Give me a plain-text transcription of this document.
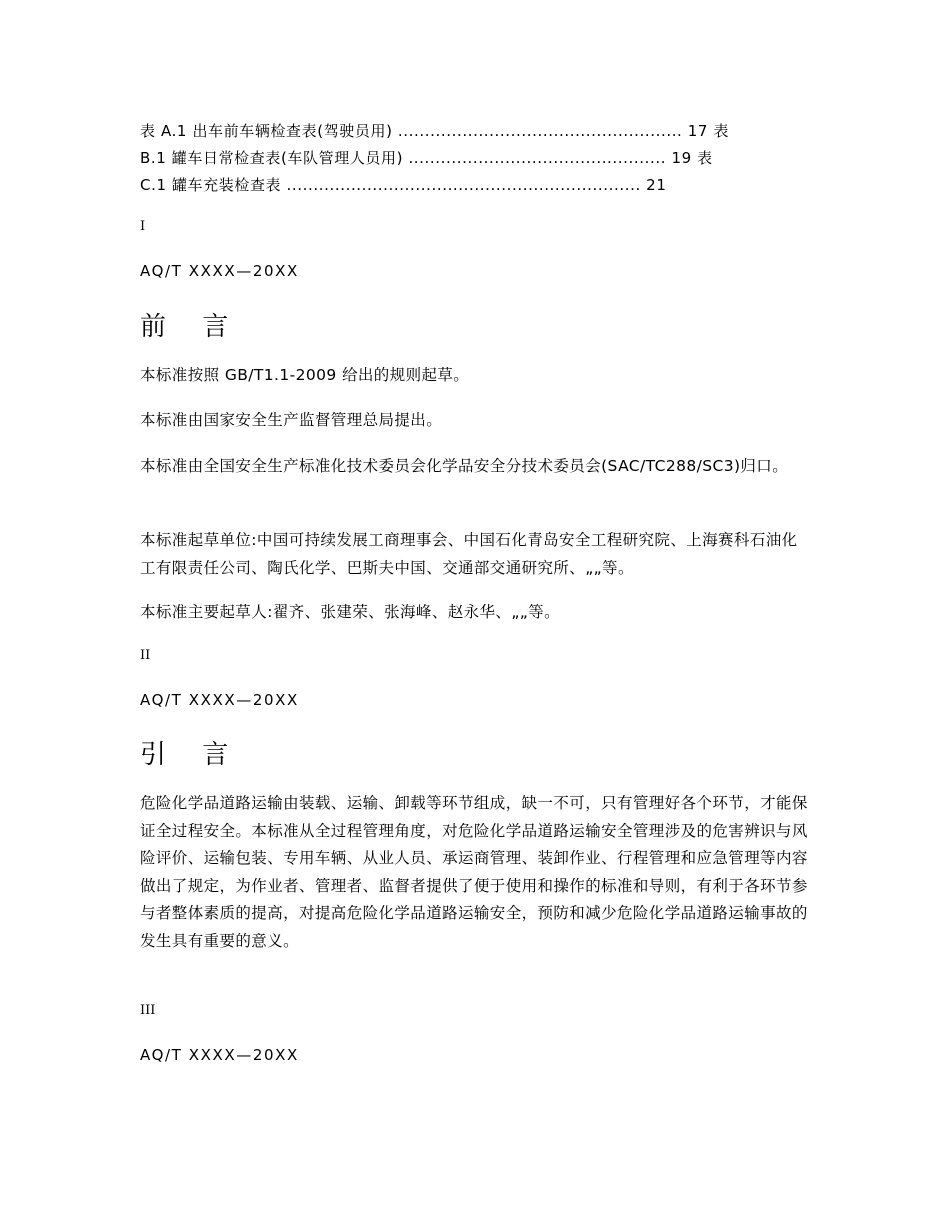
表 A.1 出车前车辆检查表(驾驶员用) ..................................................... 17 表
B.1 罐车日常检查表(车队管理人员用) ................................................ 19 表
C.1 罐车充装检查表 .................................................................. 21
I
AQ/T XXXX—20XX
前 言
本标准按照 GB/T1.1-2009 给出的规则起草。
本标准由国家安全生产监督管理总局提出。
本标准由全国安全生产标准化技术委员会化学品安全分技术委员会(SAC/TC288/SC3)归口。
本标准起草单位:中国可持续发展工商理事会、中国石化青岛安全工程研究院、上海赛科石油化工有限责任公司、陶氏化学、巴斯夫中国、交通部交通研究所、„„等。
本标准主要起草人:翟齐、张建荣、张海峰、赵永华、„„等。
II
AQ/T XXXX—20XX
引 言
危险化学品道路运输由装载、运输、卸载等环节组成，缺一不可，只有管理好各个环节，才能保证全过程安全。本标准从全过程管理角度，对危险化学品道路运输安全管理涉及的危害辨识与风险评价、运输包装、专用车辆、从业人员、承运商管理、装卸作业、行程管理和应急管理等内容做出了规定，为作业者、管理者、监督者提供了便于使用和操作的标准和导则，有利于各环节参与者整体素质的提高，对提高危险化学品道路运输安全，预防和减少危险化学品道路运输事故的发生具有重要的意义。
III
AQ/T XXXX—20XX
